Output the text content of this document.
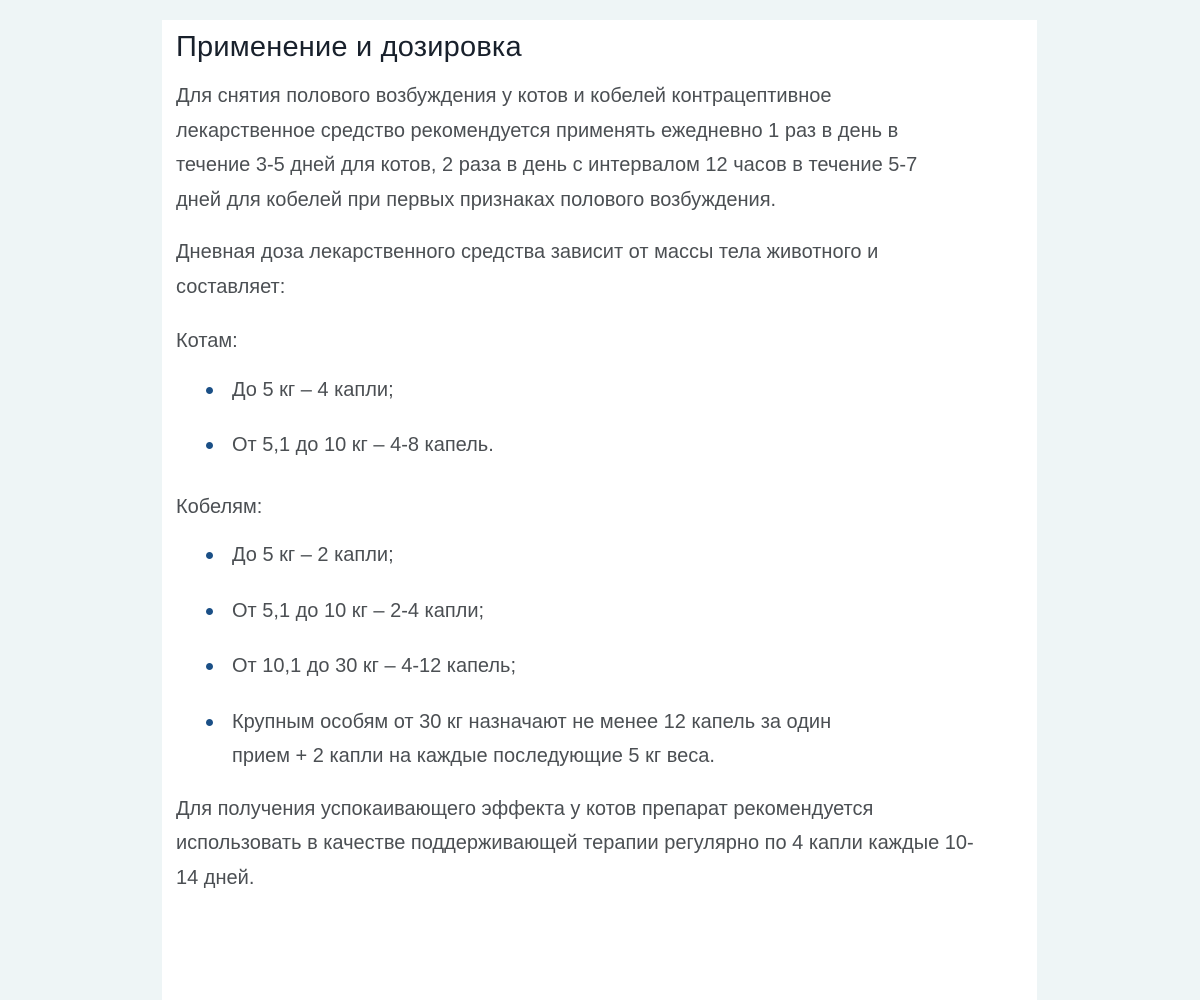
Применение и дозировка

Для снятия полового возбуждения у котов и кобелей контрацептивное лекарственное средство рекомендуется применять ежедневно 1 раз в день в течение 3-5 дней для котов, 2 раза в день с интервалом 12 часов в течение 5-7 дней для кобелей при первых признаках полового возбуждения.

Дневная доза лекарственного средства зависит от массы тела животного и составляет:

Котам:

До 5 кг – 4 капли;
От 5,1 до 10 кг – 4-8 капель.

Кобелям:

До 5 кг – 2 капли;
От 5,1 до 10 кг – 2-4 капли;
От 10,1 до 30 кг – 4-12 капель;
Крупным особям от 30 кг назначают не менее 12 капель за один прием + 2 капли на каждые последующие 5 кг веса.

Для получения успокаивающего эффекта у котов препарат рекомендуется использовать в качестве поддерживающей терапии регулярно по 4 капли каждые 10-14 дней.
